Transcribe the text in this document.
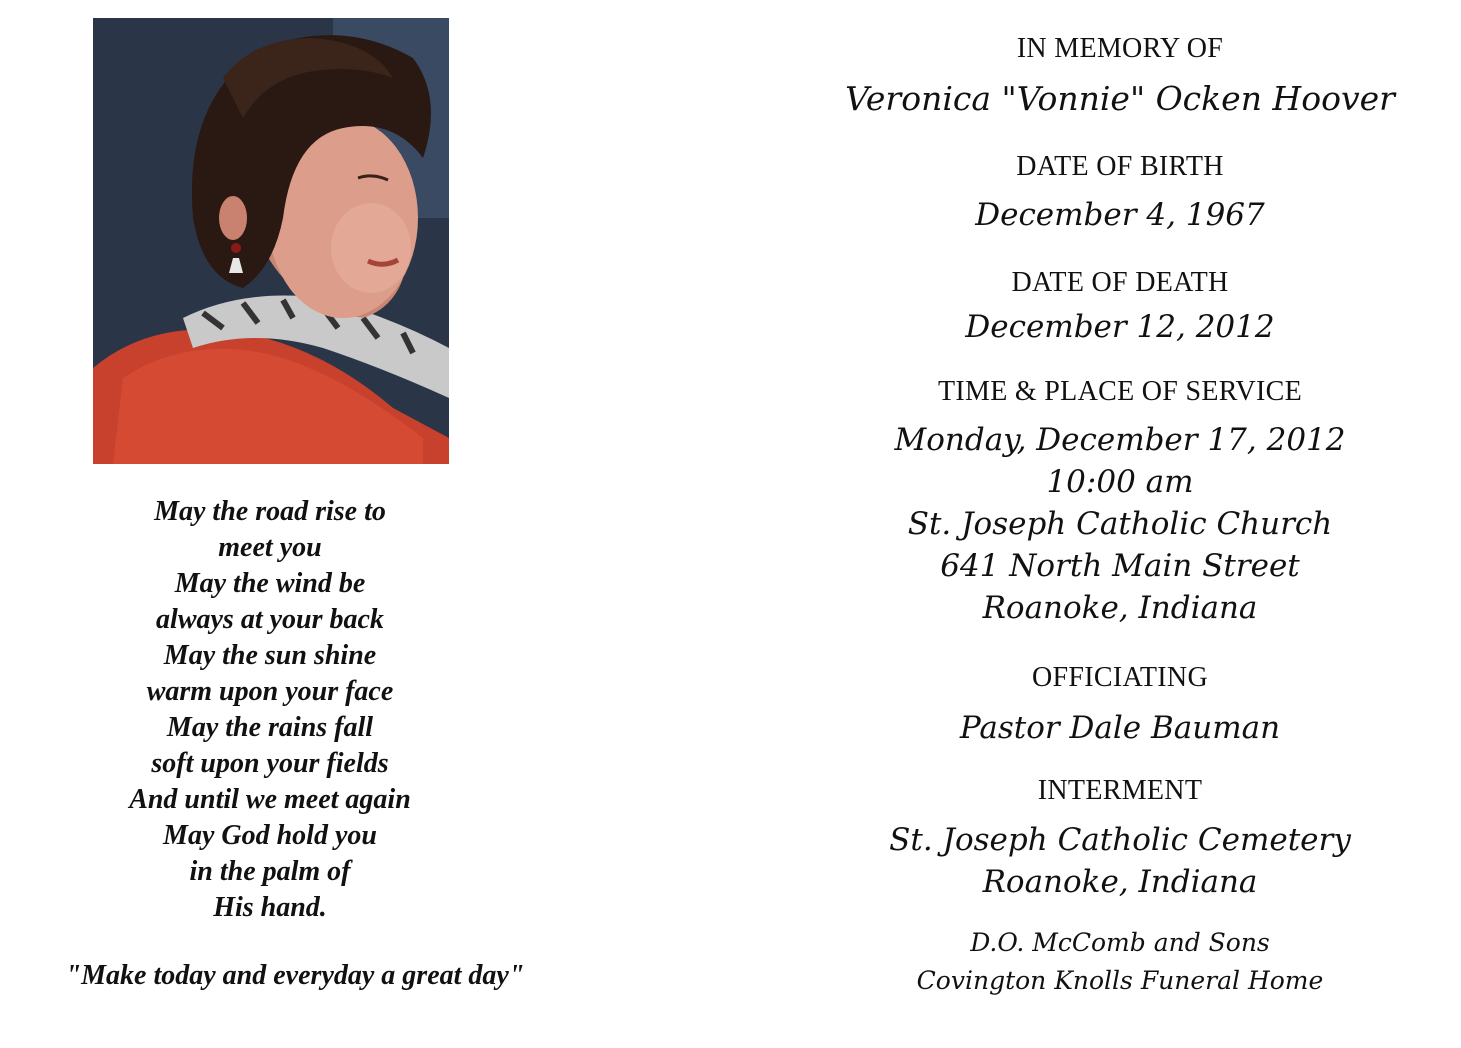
May the road rise to
meet you
May the wind be
always at your back
May the sun shine
warm upon your face
May the rains fall
soft upon your fields
And until we meet again
May God hold you
in the palm of
His hand.
"Make today and everyday a great day"
IN MEMORY OF
Veronica "Vonnie" Ocken Hoover
DATE OF BIRTH
December 4, 1967
DATE OF DEATH
December 12, 2012
TIME & PLACE OF SERVICE
Monday, December 17, 2012
10:00 am
St. Joseph Catholic Church
641 North Main Street
Roanoke, Indiana
OFFICIATING
Pastor Dale Bauman
INTERMENT
St. Joseph Catholic Cemetery
Roanoke, Indiana
D.O. McComb and Sons
Covington Knolls Funeral Home
